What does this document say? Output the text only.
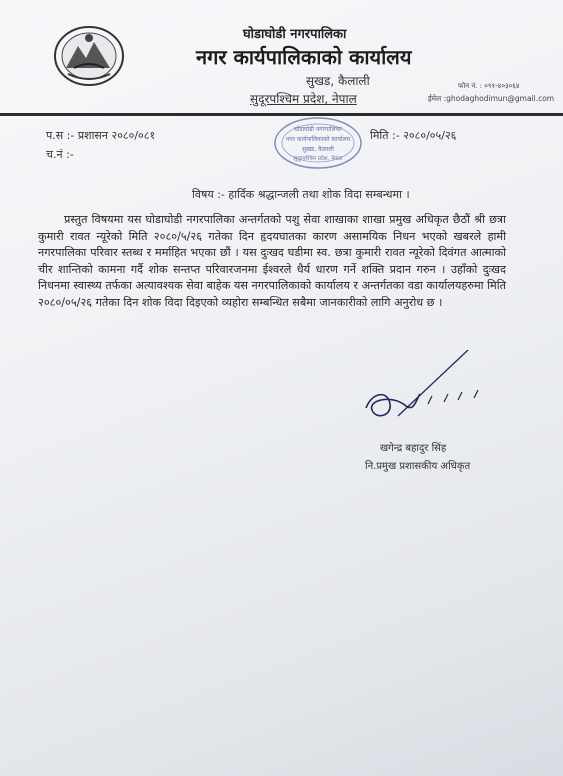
घोडाघोडी नगरपालिका
नगर कार्यपालिकाको कार्यालय
सुखड, कैलाली
सुदूरपश्चिम प्रदेश, नेपाल
फोन नं. : ०९१-४०३०६४
ईमेल :ghodaghodimun@gmail.com
प.स :- प्रशासन २०८०/०८१
च.नं :-
मिति :- २०८०/०५/२६
घोडाघोडी नगरपालिका
नगर कार्यपालिकाको कार्यालय
सुखड, कैलाली
सुदूरपश्चिम प्रदेश, नेपाल
विषय :- हार्दिक श्रद्धान्जली तथा शोक विदा सम्बन्धमा ।
प्रस्तुत विषयमा यस घोडाघोडी नगरपालिका अन्तर्गतको पशु सेवा शाखाका शाखा प्रमुख अधिकृत छैठौं श्री छत्रा कुमारी रावत न्यूरेको मिति २०८०/५/२६ गतेका दिन हृदयघातका कारण असामयिक निधन भएको खबरले हामी नगरपालिका परिवार स्तब्ध र मर्माहित भएका छौं । यस दुःखद घडीमा स्व. छत्रा कुमारी रावत न्यूरेको दिवंगत आत्माको चीर शान्तिको कामना गर्दै शोक सन्तप्त परिवारजनमा ईश्वरले धैर्य धारण गर्ने शक्ति प्रदान गरुन । उहाँको दुःखद निधनमा स्वास्थ्य तर्फका अत्यावश्यक सेवा बाहेक यस नगरपालिकाको कार्यालय र अन्तर्गतका वडा कार्यालयहरुमा मिति २०८०/०५/२६ गतेका दिन शोक विदा दिइएको व्यहोरा सम्बन्धित सबैमा जानकारीको लागि अनुरोध छ ।
खगेन्द्र बहादुर सिंह
नि.प्रमुख प्रशासकीय अधिकृत
